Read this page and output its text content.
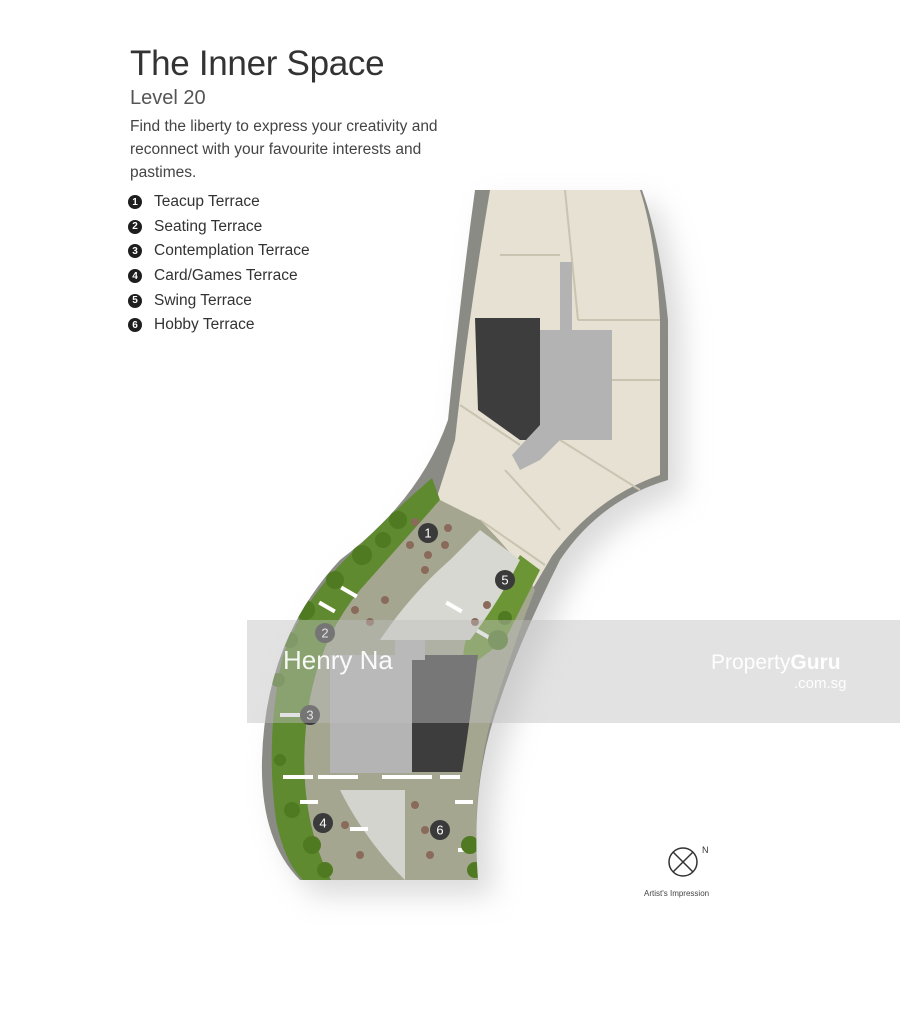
The Inner Space
Level 20
Find the liberty to express your creativity and reconnect with your favourite interests and pastimes.
1 Teacup Terrace
2 Seating Terrace
3 Contemplation Terrace
4 Card/Games Terrace
5 Swing Terrace
6 Hobby Terrace
1
2
3
4
5
6
N
Henry Na	PropertyGuru
.com.sg
Artist's Impression
